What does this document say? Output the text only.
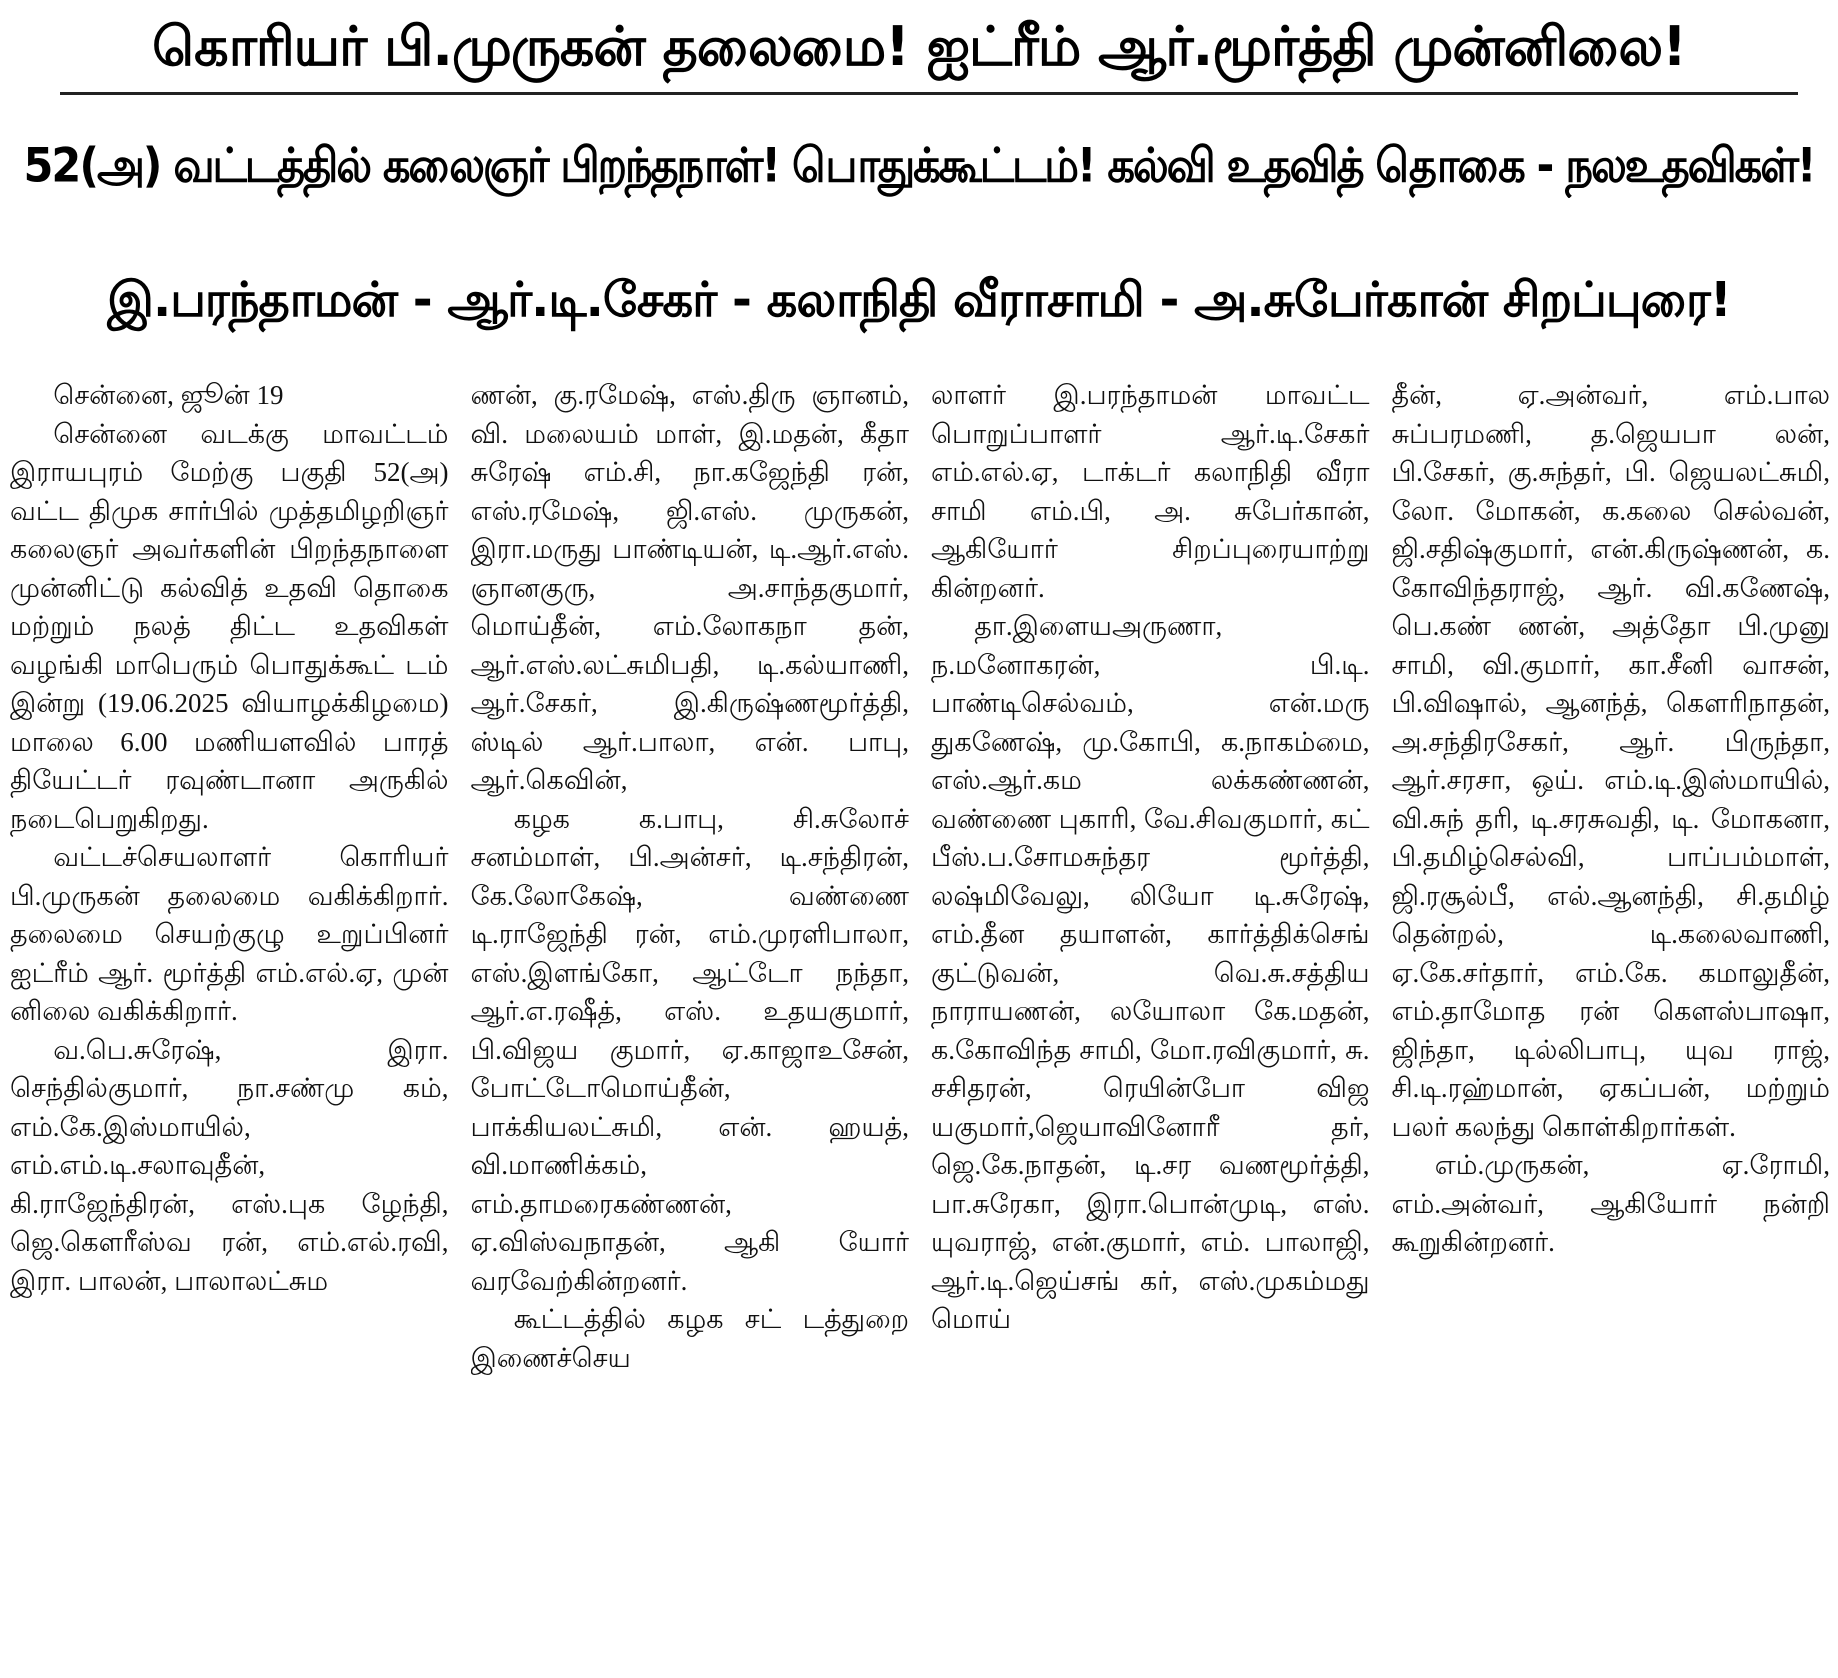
கொரியர் பி.முருகன் தலைமை! ஐட்ரீம் ஆர்.மூர்த்தி முன்னிலை!
52(அ) வட்டத்தில் கலைஞர் பிறந்தநாள்! பொதுக்கூட்டம்! கல்வி உதவித் தொகை - நலஉதவிகள்!
இ.பரந்தாமன் - ஆர்.டி.சேகர் - கலாநிதி வீராசாமி - அ.சுபேர்கான் சிறப்புரை!

சென்னை, ஜூன் 19

சென்னை வடக்கு மாவட்டம் இராயபுரம் மேற்கு பகுதி 52(அ) வட்ட திமுக சார்பில் முத்தமிழறிஞர் கலைஞர் அவர்களின் பிறந்தநாளை முன்னிட்டு கல்வித் உதவி தொகை மற்றும் நலத் திட்ட உதவிகள் வழங்கி மாபெரும் பொதுக்கூட் டம் இன்று (19.06.2025 வியாழக்கிழமை) மாலை 6.00 மணியளவில் பாரத் தியேட்டர் ரவுண்டானா அருகில் நடைபெறுகிறது.

வட்டச்செயலாளர் கொரியர் பி.முருகன் தலைமை வகிக்கிறார். தலைமை செயற்குழு உறுப்பினர் ஐட்ரீம் ஆர். மூர்த்தி எம்.எல்.ஏ, முன் னிலை வகிக்கிறார்.

வ.பெ.சுரேஷ், இரா. செந்தில்குமார், நா.சண்மு கம், எம்.கே.இஸ்மாயில், எம்.எம்.டி.சலாவுதீன், கி.ராஜேந்திரன், எஸ்.புக ழேந்தி, ஜெ.கௌரீஸ்வ ரன், எம்.எல்.ரவி, இரா. பாலன், பாலாலட்சும

ணன், கு.ரமேஷ், எஸ்.திரு ஞானம், வி. மலையம் மாள், இ.மதன், கீதா சுரேஷ் எம்.சி, நா.கஜேந்தி ரன், எஸ்.ரமேஷ், ஜி.எஸ். முருகன், இரா.மருது பாண்டியன், டி.ஆர்.எஸ். ஞானகுரு, அ.சாந்தகுமார், மொய்தீன், எம்.லோகநா தன், ஆர்.எஸ்.லட்சுமிபதி, டி.கல்யாணி, ஆர்.சேகர், இ.கிருஷ்ணமூர்த்தி, ஸ்டில் ஆர்.பாலா, என். பாபு, ஆர்.கெவின்,

கழக க.பாபு, சி.சுலோச் சனம்மாள், பி.அன்சர், டி.சந்திரன், கே.லோகேஷ், வண்ணை டி.ராஜேந்தி ரன், எம்.முரளிபாலா, எஸ்.இளங்கோ, ஆட்டோ நந்தா, ஆர்.எ.ரஷீத், எஸ். உதயகுமார், பி.விஜய குமார், ஏ.காஜாஉசேன், போட்டோமொய்தீன், பாக்கியலட்சுமி, என். ஹயத், வி.மாணிக்கம், எம்.தாமரைகண்ணன், ஏ.விஸ்வநாதன், ஆகி யோர் வரவேற்கின்றனர்.

கூட்டத்தில் கழக சட் டத்துறை இணைச்செய

லாளர் இ.பரந்தாமன் மாவட்ட பொறுப்பாளர் ஆர்.டி.சேகர் எம்.எல்.ஏ, டாக்டர் கலாநிதி வீரா சாமி எம்.பி, அ. சுபேர்கான், ஆகியோர் சிறப்புரையாற்று கின்றனர்.

தா.இளையஅருணா, ந.மனோகரன், பி.டி. பாண்டிசெல்வம், என்.மரு துகணேஷ், மு.கோபி, க.நாகம்மை, எஸ்.ஆர்.கம லக்கண்ணன், வண்ணை புகாரி, வே.சிவகுமார், கட் பீஸ்.ப.சோமசுந்தர மூர்த்தி, லஷ்மிவேலு, லியோ டி.சுரேஷ், எம்.தீன தயாளன், கார்த்திக்செங் குட்டுவன், வெ.சு.சத்திய நாராயணன், லயோலா கே.மதன், க.கோவிந்த சாமி, மோ.ரவிகுமார், சு. சசிதரன், ரெயின்போ விஜ யகுமார்,ஜெயாவினோரீ தர், ஜெ.கே.நாதன், டி.சர வணமூர்த்தி, பா.சுரேகா, இரா.பொன்முடி, எஸ். யுவராஜ், என்.குமார், எம். பாலாஜி, ஆர்.டி.ஜெய்சங் கர், எஸ்.முகம்மது மொய்

தீன், ஏ.அன்வர், எம்.பால சுப்பரமணி, த.ஜெயபா லன், பி.சேகர், கு.சுந்தர், பி. ஜெயலட்சுமி, லோ. மோகன், க.கலை செல்வன், ஜி.சதிஷ்குமார், என்.கிருஷ்ணன், க. கோவிந்தராஜ், ஆர். வி.கணேஷ், பெ.கண் ணன், அத்தோ பி.முனு சாமி, வி.குமார், கா.சீனி வாசன், பி.விஷால், ஆனந்த், கௌரிநாதன், அ.சந்திரசேகர், ஆர். பிருந்தா, ஆர்.சரசா, ஒய். எம்.டி.இஸ்மாயில், வி.சுந் தரி, டி.சரசுவதி, டி. மோகனா, பி.தமிழ்செல்வி, பாப்பம்மாள், ஜி.ரசூல்பீ, எல்.ஆனந்தி, சி.தமிழ் தென்றல், டி.கலைவாணி, ஏ.கே.சர்தார், எம்.கே. கமாலுதீன், எம்.தாமோத ரன் கௌஸ்பாஷா, ஜிந்தா, டில்லிபாபு, யுவ ராஜ், சி.டி.ரஹ்மான், ஏகப்பன், மற்றும் பலர் கலந்து கொள்கிறார்கள்.

எம்.முருகன், ஏ.ரோமி, எம்.அன்வர், ஆகியோர் நன்றி கூறுகின்றனர்.
